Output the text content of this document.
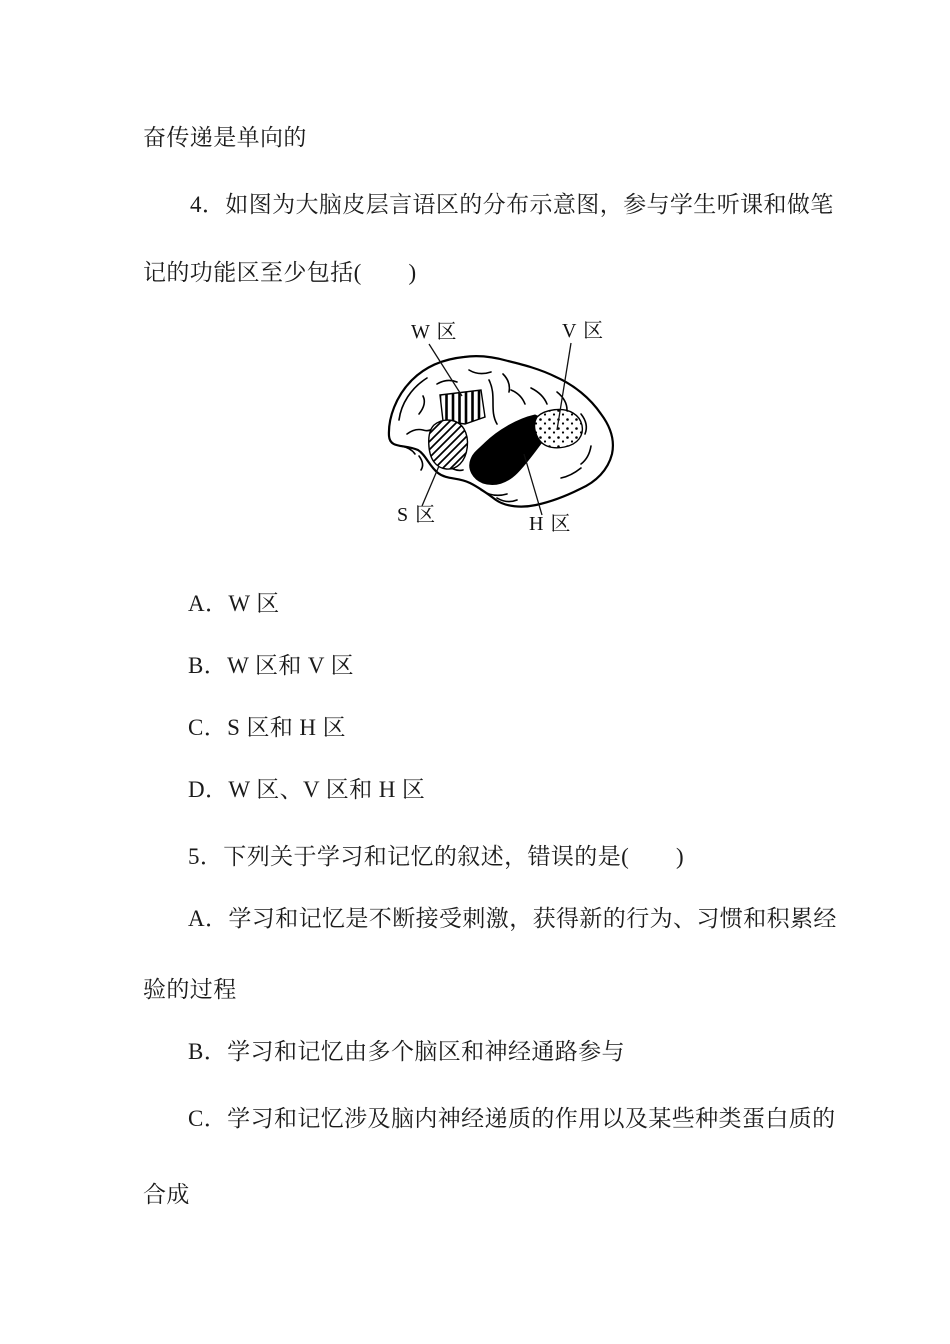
奋传递是单向的
4．如图为大脑皮层言语区的分布示意图，参与学生听课和做笔
记的功能区至少包括(　　)
W 区	V 区
S 区	H 区
A．W 区
B．W 区和 V 区
C．S 区和 H 区
D．W 区、V 区和 H 区
5．下列关于学习和记忆的叙述，错误的是(　　)
A．学习和记忆是不断接受刺激，获得新的行为、习惯和积累经
验的过程
B．学习和记忆由多个脑区和神经通路参与
C．学习和记忆涉及脑内神经递质的作用以及某些种类蛋白质的
合成
